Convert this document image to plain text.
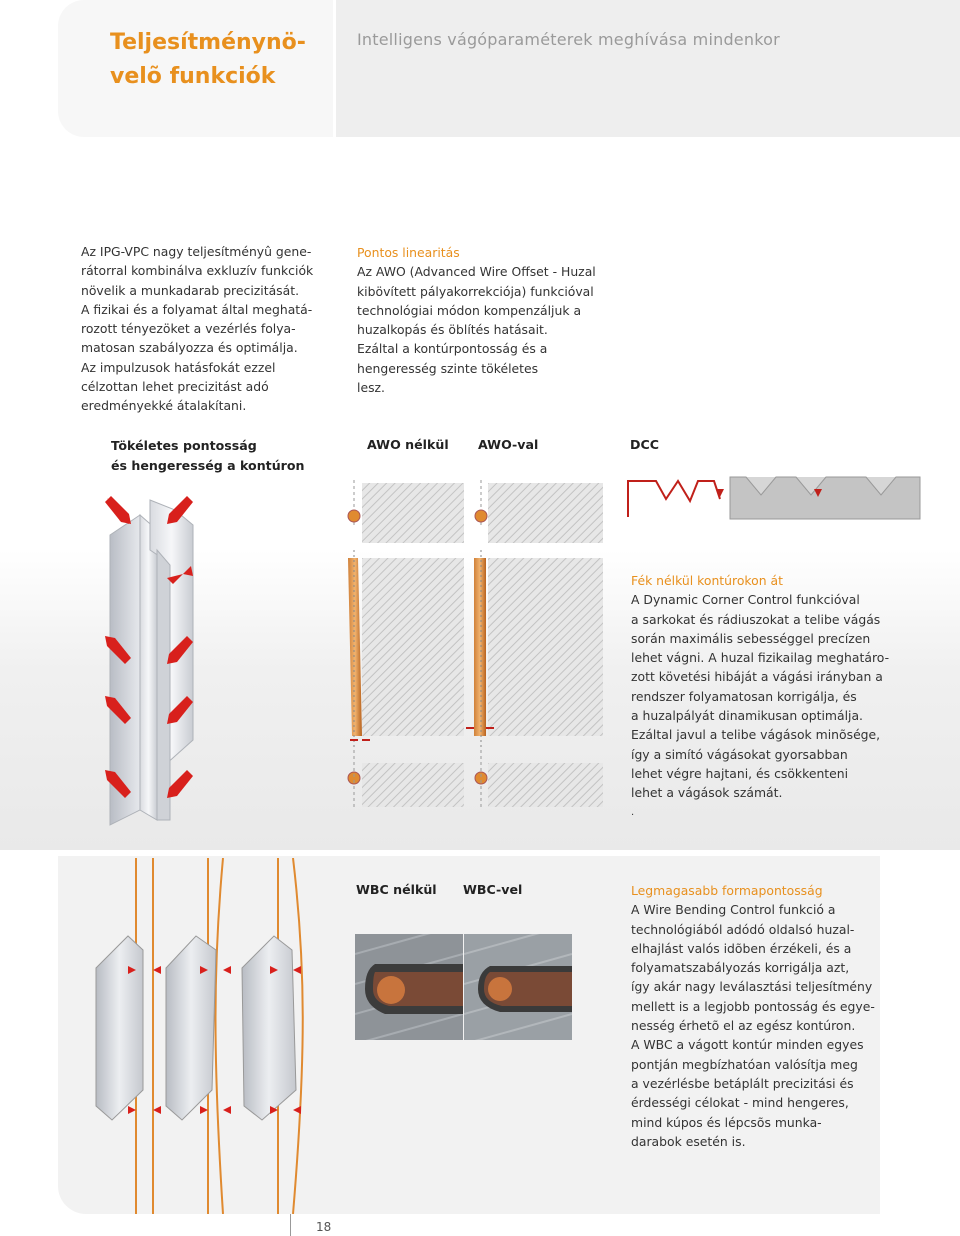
Teljesítménynö-
velõ funkciók
Intelligens vágóparaméterek meghívása mindenkor
Az IPG-VPC nagy teljesítményû gene-
rátorral kombinálva exkluzív funkciók
növelik a munkadarab precizitását.
A fizikai és a folyamat által meghatá-
rozott tényezöket a vezérlés folya-
matosan szabályozza és optimálja.
Az impulzusok hatásfokát ezzel
célzottan lehet precizitást adó
eredményekké átalakítani.
Pontos linearitás
Az AWO (Advanced Wire Offset - Huzal
kibövített pályakorrekciója) funkcióval
technológiai módon kompenzáljuk a
huzalkopás és öblítés hatásait.
Ezáltal a kontúrpontosság és a
hengeresség szinte tökéletes
lesz.
Tökéletes pontosság
és hengeresség a kontúron
AWO nélkül AWO-val	DCC
Fék nélkül kontúrokon át
A Dynamic Corner Control funkcióval
a sarkokat és rádiuszokat a telibe vágás
során maximális sebességgel precízen
lehet vágni. A huzal fizikailag meghatáro-
zott követési hibáját a vágási irányban a
rendszer folyamatosan korrigálja, és
a huzalpályát dinamikusan optimálja.
Ezáltal javul a telibe vágások minõsége,
így a simító vágásokat gyorsabban
lehet végre hajtani, és csökkenteni
lehet a vágások számát.
.
WBC nélkül WBC-vel	Legmagasabb formapontosság
A Wire Bending Control funkció a
technológiából adódó oldalsó huzal-
elhajlást valós idõben érzékeli, és a
folyamatszabályozás korrigálja azt,
így akár nagy leválasztási teljesítmény
mellett is a legjobb pontosság és egye-
nesség érhetõ el az egész kontúron.
A WBC a vágott kontúr minden egyes
pontján megbízhatóan valósítja meg
a vezérlésbe betáplált precizitási és
érdességi célokat - mind hengeres,
mind kúpos és lépcsõs munka-
darabok esetén is.
18
